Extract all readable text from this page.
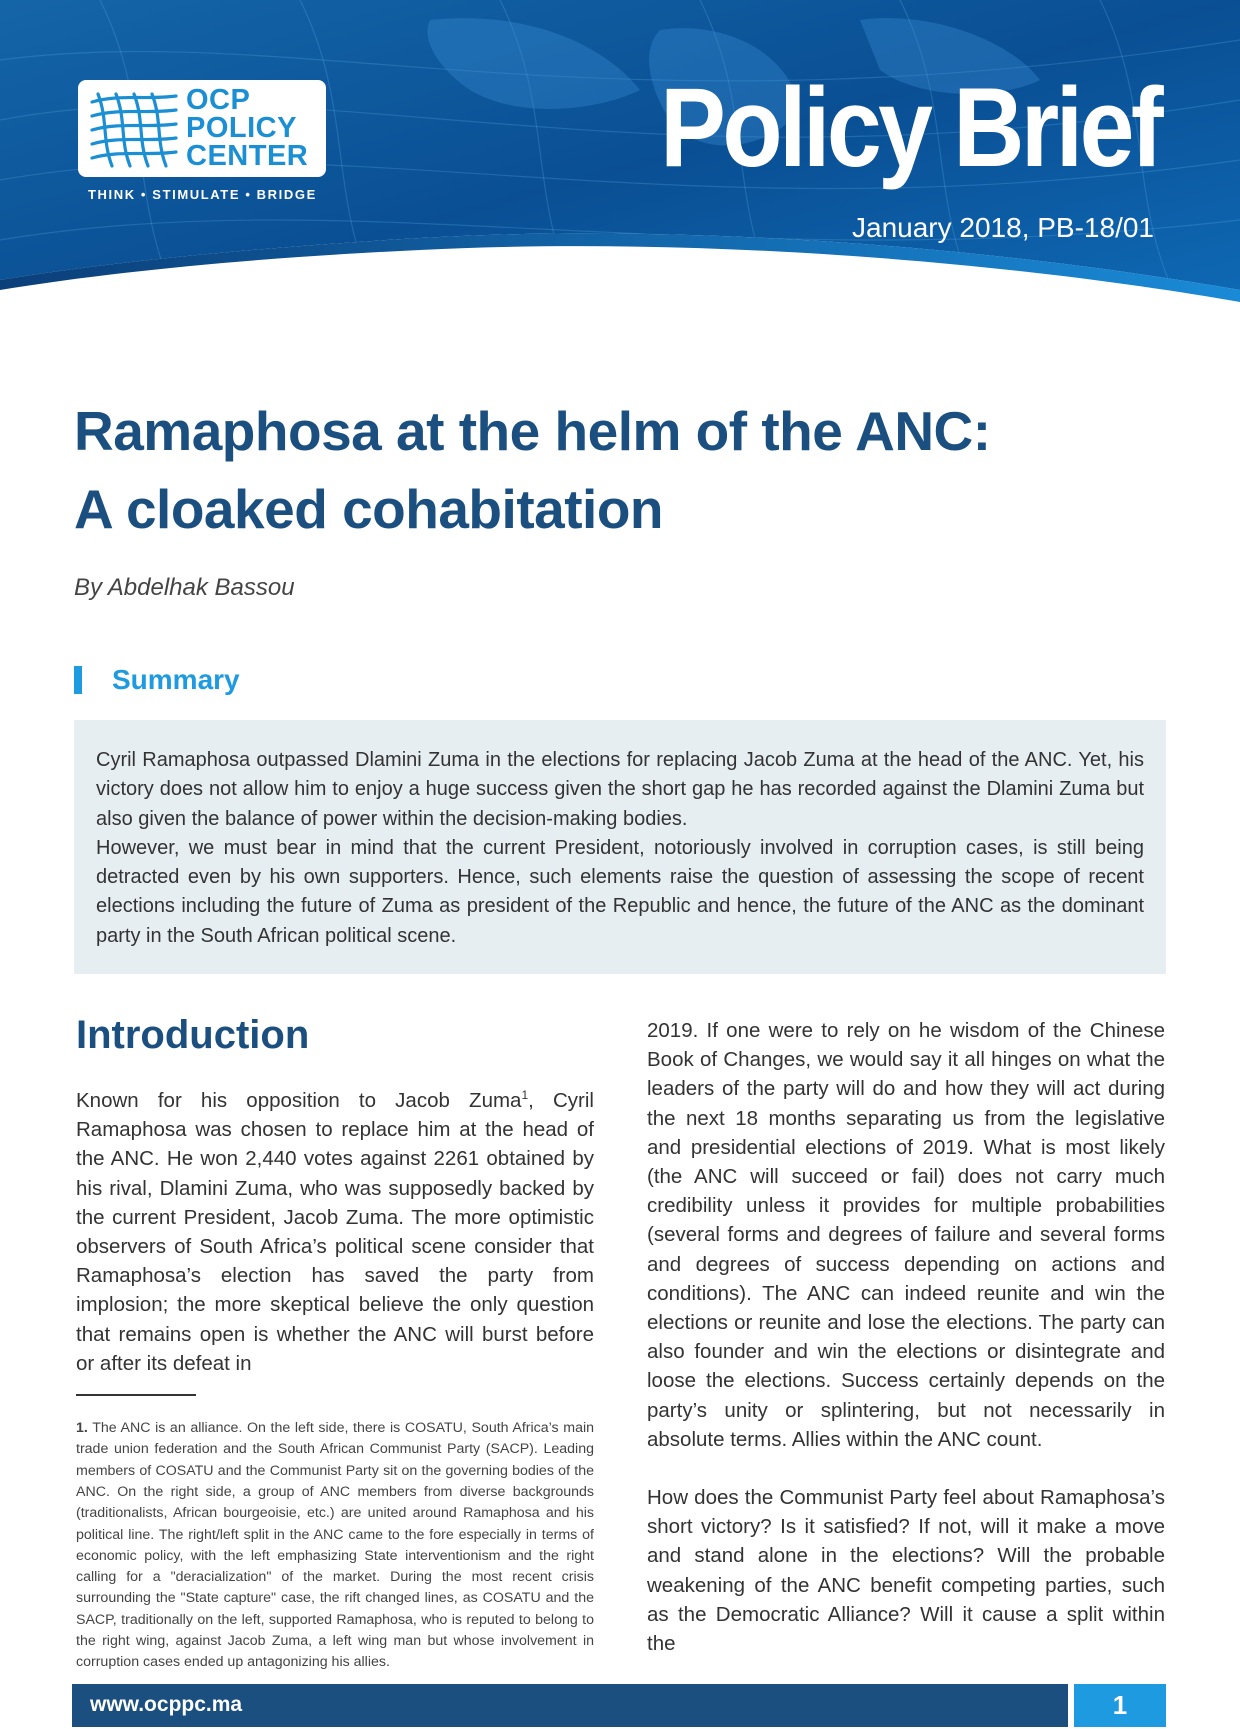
OCP
POLICY
CENTER
THINK • STIMULATE • BRIDGE
Policy Brief
January 2018, PB-18/01
Ramaphosa at the helm of the ANC:
A cloaked cohabitation
By Abdelhak Bassou
Summary

Cyril Ramaphosa outpassed Dlamini Zuma in the elections for replacing Jacob Zuma at the head of the ANC. Yet, his victory does not allow him to enjoy a huge success given the short gap he has recorded against the Dlamini Zuma but also given the balance of power within the decision-making bodies.

However, we must bear in mind that the current President, notoriously involved in corruption cases, is still being detracted even by his own supporters. Hence, such elements raise the question of assessing the scope of recent elections including the future of Zuma as president of the Republic and hence, the future of the ANC as the dominant party in the South African political scene.

Introduction

Known for his opposition to Jacob Zuma$^1$, Cyril Ramaphosa was chosen to replace him at the head of the ANC. He won 2,440 votes against 2261 obtained by his rival, Dlamini Zuma, who was supposedly backed by the current President, Jacob Zuma. The more optimistic observers of South Africa’s political scene consider that Ramaphosa’s election has saved the party from implosion; the more skeptical believe the only question that remains open is whether the ANC will burst before or after its defeat in

1. The ANC is an alliance. On the left side, there is COSATU, South Africa’s main trade union federation and the South African Communist Party (SACP). Leading members of COSATU and the Communist Party sit on the governing bodies of the ANC. On the right side, a group of ANC members from diverse backgrounds (traditionalists, African bourgeoisie, etc.) are united around Ramaphosa and his political line. The right/left split in the ANC came to the fore especially in terms of economic policy, with the left emphasizing State interventionism and the right calling for a "deracialization" of the market. During the most recent crisis surrounding the "State capture" case, the rift changed lines, as COSATU and the SACP, traditionally on the left, supported Ramaphosa, who is reputed to belong to the right wing, against Jacob Zuma, a left wing man but whose involvement in corruption cases ended up antagonizing his allies.

2019. If one were to rely on he wisdom of the Chinese Book of Changes, we would say it all hinges on what the leaders of the party will do and how they will act during the next 18 months separating us from the legislative and presidential elections of 2019. What is most likely (the ANC will succeed or fail) does not carry much credibility unless it provides for multiple probabilities (several forms and degrees of failure and several forms and degrees of success depending on actions and conditions). The ANC can indeed reunite and win the elections or reunite and lose the elections. The party can also founder and win the elections or disintegrate and loose the elections. Success certainly depends on the party’s unity or splintering, but not necessarily in absolute terms. Allies within the ANC count.

How does the Communist Party feel about Ramaphosa’s short victory? Is it satisfied? If not, will it make a move and stand alone in the elections? Will the probable weakening of the ANC benefit competing parties, such as the Democratic Alliance? Will it cause a split within the

www.ocppc.ma	1
